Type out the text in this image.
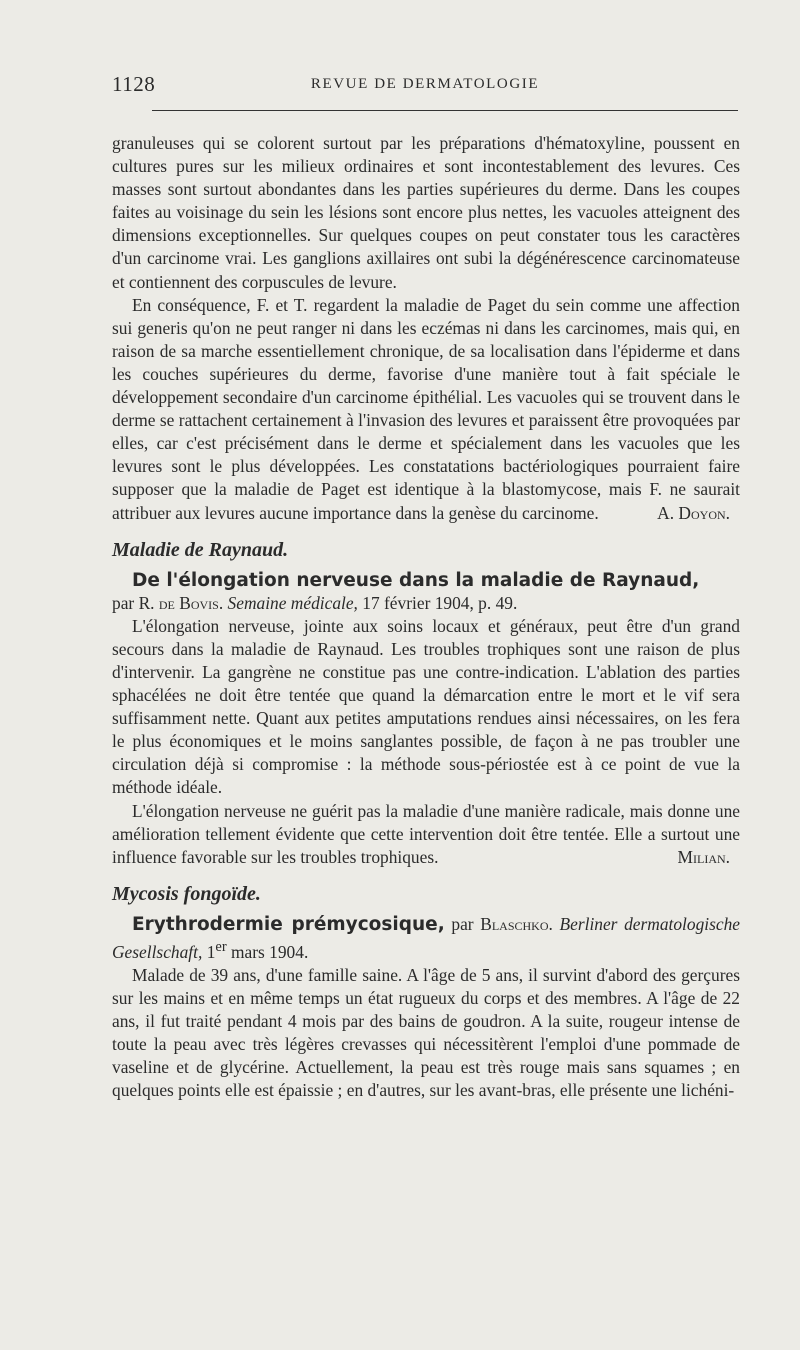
1128	REVUE DE DERMATOLOGIE

granuleuses qui se colorent surtout par les préparations d'hématoxyline, poussent en cultures pures sur les milieux ordinaires et sont incontestablement des levures. Ces masses sont surtout abondantes dans les parties supérieures du derme. Dans les coupes faites au voisinage du sein les lésions sont encore plus nettes, les vacuoles atteignent des dimensions exceptionnelles. Sur quelques coupes on peut constater tous les caractères d'un carcinome vrai. Les ganglions axillaires ont subi la dégénérescence carcinomateuse et contiennent des corpuscules de levure.

En conséquence, F. et T. regardent la maladie de Paget du sein comme une affection sui generis qu'on ne peut ranger ni dans les eczémas ni dans les carcinomes, mais qui, en raison de sa marche essentiellement chronique, de sa localisation dans l'épiderme et dans les couches supérieures du derme, favorise d'une manière tout à fait spéciale le développement secondaire d'un carcinome épithélial. Les vacuoles qui se trouvent dans le derme se rattachent certainement à l'invasion des levures et paraissent être provoquées par elles, car c'est précisément dans le derme et spécialement dans les vacuoles que les levures sont le plus développées. Les constatations bactériologiques pourraient faire supposer que la maladie de Paget est identique à la blastomycose, mais F. ne saurait attribuer aux levures aucune importance dans la genèse du carcinome.	A. Doyon.

Maladie de Raynaud.

De l'élongation nerveuse dans la maladie de Raynaud,
par R. de Bovis. Semaine médicale, 17 février 1904, p. 49.

L'élongation nerveuse, jointe aux soins locaux et généraux, peut être d'un grand secours dans la maladie de Raynaud. Les troubles trophiques sont une raison de plus d'intervenir. La gangrène ne constitue pas une contre-indication. L'ablation des parties sphacélées ne doit être tentée que quand la démarcation entre le mort et le vif sera suffisamment nette. Quant aux petites amputations rendues ainsi nécessaires, on les fera le plus économiques et le moins sanglantes possible, de façon à ne pas troubler une circulation déjà si compromise : la méthode sous-périostée est à ce point de vue la méthode idéale.

L'élongation nerveuse ne guérit pas la maladie d'une manière radicale, mais donne une amélioration tellement évidente que cette intervention doit être tentée. Elle a surtout une influence favorable sur les troubles trophiques.	Milian.

Mycosis fongoïde.

Erythrodermie prémycosique, par Blaschko. Berliner dermatologische Gesellschaft, 1er mars 1904.

Malade de 39 ans, d'une famille saine. A l'âge de 5 ans, il survint d'abord des gerçures sur les mains et en même temps un état rugueux du corps et des membres. A l'âge de 22 ans, il fut traité pendant 4 mois par des bains de goudron. A la suite, rougeur intense de toute la peau avec très légères crevasses qui nécessitèrent l'emploi d'une pommade de vaseline et de glycérine. Actuellement, la peau est très rouge mais sans squames ; en quelques points elle est épaissie ; en d'autres, sur les avant-bras, elle présente une lichéni-
